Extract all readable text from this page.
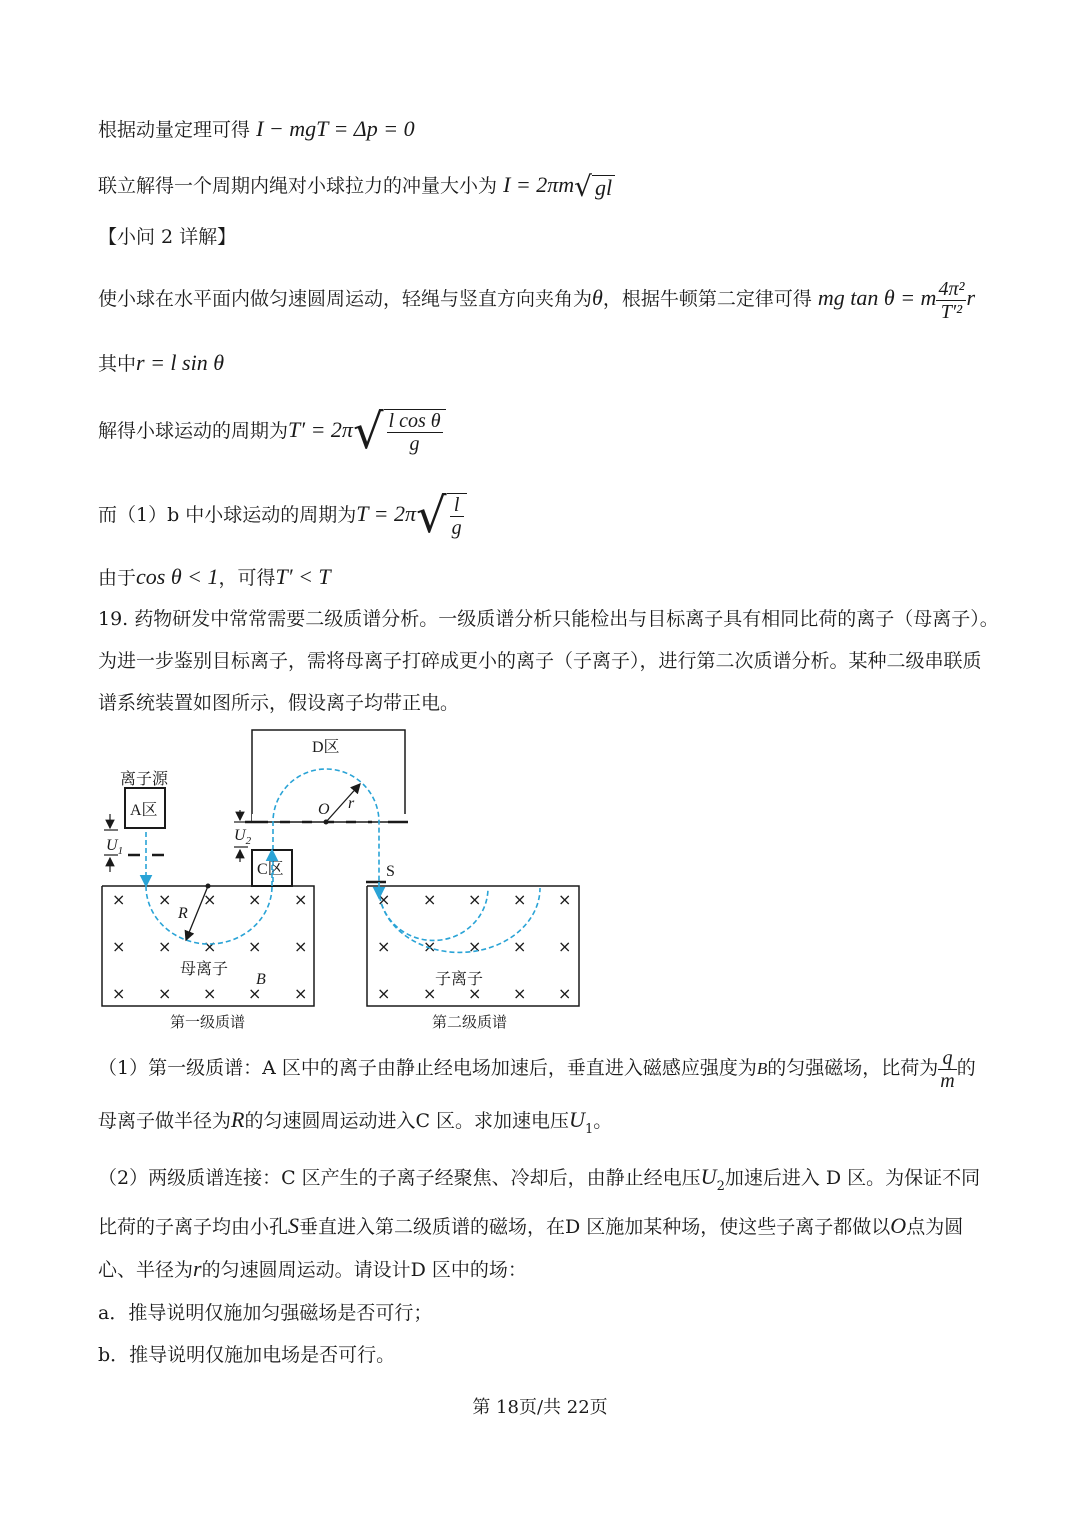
根据动量定理可得 I − mgT = Δp = 0
联立解得一个周期内绳对小球拉力的冲量大小为 I = 2πm√ gl
【小问 2 详解】
使小球在水平面内做匀速圆周运动，轻绳与竖直方向夹角为θ，根据牛顿第二定律可得 mg tan θ = m $\frac{\text{4π²}}{\text{T′²}}$ r
其中r = l sin θ
解得小球运动的周期为$T' = 2\pi√ \frac{\text{l cos θ}}{g}$
而（1）b 中小球运动的周期为$T = 2\pi√ \frac{l}{g}$
由于cos θ < 1，可得T′ < T
19. 药物研发中常常需要二级质谱分析。一级质谱分析只能检出与目标离子具有相同比荷的离子（母离子）。
为进一步鉴别目标离子，需将母离子打碎成更小的离子（子离子），进行第二次质谱分析。某种二级串联质
谱系统装置如图所示，假设离子均带正电。
D区
O r
离子源
A区
$U_1$
C区
$U_2$
S
× × × × ×
× × × × ×
× × × × ×
× × × × ×
× × × × ×
× × × × ×
R
母离子
B	子离子
第一级质谱	第二级质谱
（1）第一级质谱：A 区中的离子由静止经电场加速后，垂直进入磁感应强度为B的匀强磁场，比荷为 $\frac{q}{m}$ 的
母离子做半径为R的匀速圆周运动进入C 区。求加速电压$U_1$。
（2）两级质谱连接：C 区产生的子离子经聚焦、冷却后，由静止经电压$U_2$加速后进入 D 区。为保证不同
比荷的子离子均由小孔S垂直进入第二级质谱的磁场，在D 区施加某种场，使这些子离子都做以O点为圆
心、半径为r的匀速圆周运动。请设计D 区中的场：
a．推导说明仅施加匀强磁场是否可行；
b．推导说明仅施加电场是否可行。
第 18页/共 22页
